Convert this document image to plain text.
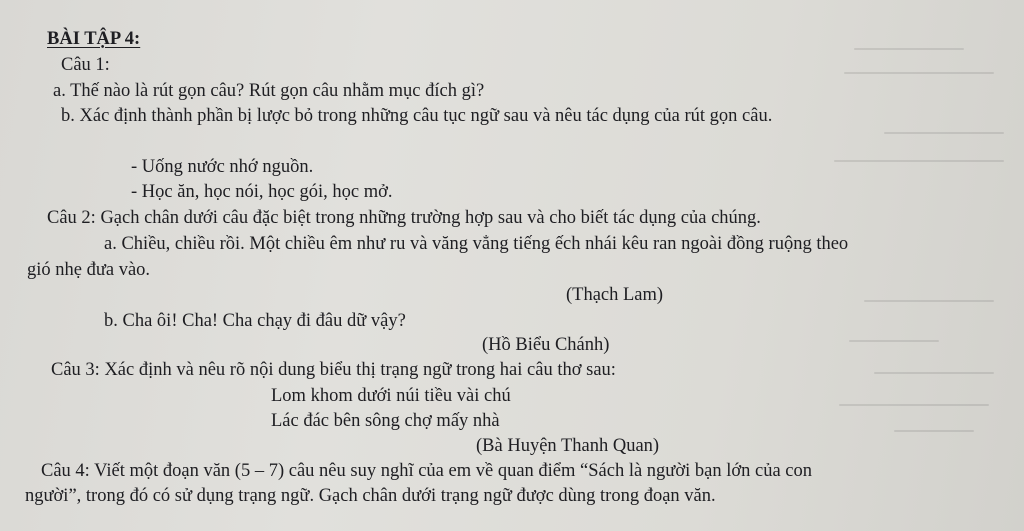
BÀI TẬP 4:
Câu 1:
a. Thế nào là rút gọn câu? Rút gọn câu nhằm mục đích gì?
b. Xác định thành phần bị lược bỏ trong những câu tục ngữ sau và nêu tác dụng của rút gọn câu.
- Uống nước nhớ nguồn.
- Học ăn, học nói, học gói, học mở.
Câu 2: Gạch chân dưới câu đặc biệt trong những trường hợp sau và cho biết tác dụng của chúng.
a. Chiều, chiều rồi. Một chiều êm như ru và văng vẳng tiếng ếch nhái kêu ran ngoài đồng ruộng theo
gió nhẹ đưa vào.
(Thạch Lam)
b. Cha ôi! Cha! Cha chạy đi đâu dữ vậy?
(Hồ Biểu Chánh)
Câu 3: Xác định và nêu rõ nội dung biểu thị trạng ngữ trong hai câu thơ sau:
Lom khom dưới núi tiều vài chú
Lác đác bên sông chợ mấy nhà
(Bà Huyện Thanh Quan)
Câu 4: Viết một đoạn văn (5 – 7) câu nêu suy nghĩ của em về quan điểm “Sách là người bạn lớn của con
người”, trong đó có sử dụng trạng ngữ. Gạch chân dưới trạng ngữ được dùng trong đoạn văn.
